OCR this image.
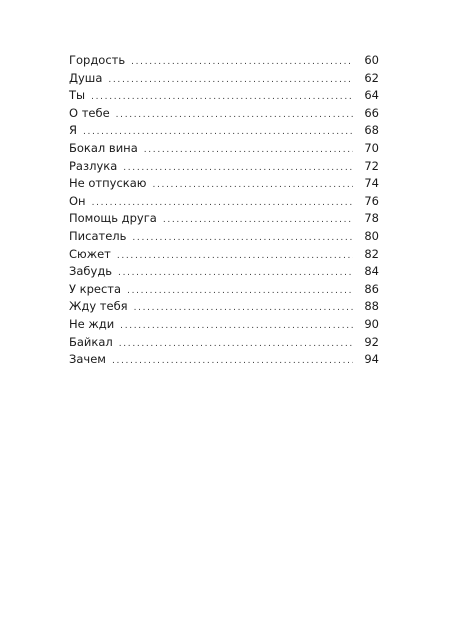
Гордость . . .	60
Душа . . .	62
Ты . . .	64
О тебе . . .	66
Я . . .	68
Бокал вина . . .	70
Разлука . . .	72
Не отпускаю . . .	74
Он . . .	76
Помощь друга . . .	78
Писатель . . .	80
Сюжет . . .	82
Забудь . . .	84
У креста . . .	86
Жду тебя . . .	88
Не жди . . .	90
Байкал . . .	92
Зачем . . .	94
